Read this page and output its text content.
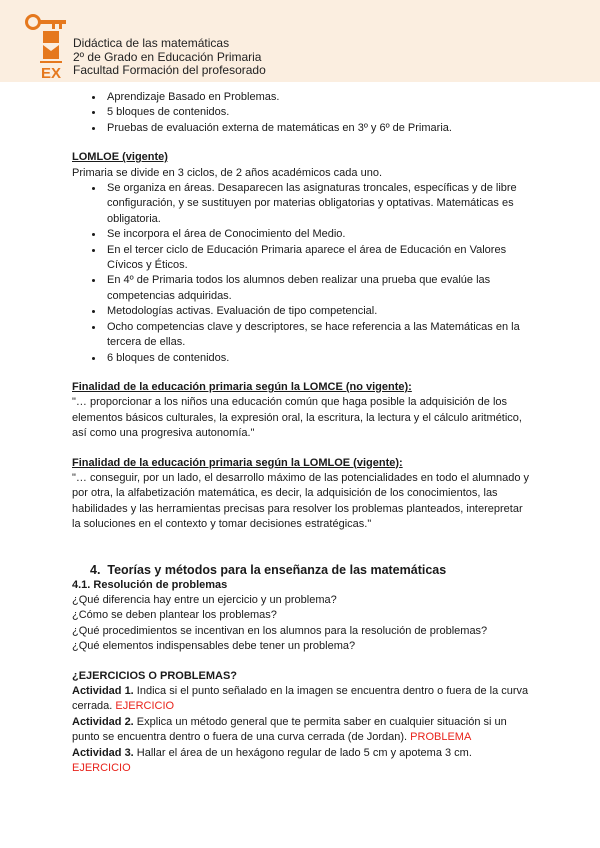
EX
Didáctica de las matemáticas
2º de Grado en Educación Primaria
Facultad Formación del profesorado
• Aprendizaje Basado en Problemas.
• 5 bloques de contenidos.
• Pruebas de evaluación externa de matemáticas en 3º y 6º de Primaria.

LOMLOE (vigente)

Primaria se divide en 3 ciclos, de 2 años académicos cada uno.

• Se organiza en áreas. Desaparecen las asignaturas troncales, específicas y de libre configuración, y se sustituyen por materias obligatorias y optativas. Matemáticas es obligatoria.
• Se incorpora el área de Conocimiento del Medio.
• En el tercer ciclo de Educación Primaria aparece el área de Educación en Valores Cívicos y Éticos.
• En 4º de Primaria todos los alumnos deben realizar una prueba que evalúe las competencias adquiridas.
• Metodologías activas. Evaluación de tipo competencial.
• Ocho competencias clave y descriptores, se hace referencia a las Matemáticas en la tercera de ellas.
• 6 bloques de contenidos.

Finalidad de la educación primaria según la LOMCE (no vigente):

"… proporcionar a los niños una educación común que haga posible la adquisición de los elementos básicos culturales, la expresión oral, la escritura, la lectura y el cálculo aritmético, así como una progresiva autonomía."

Finalidad de la educación primaria según la LOMLOE (vigente):

"… conseguir, por un lado, el desarrollo máximo de las potencialidades en todo el alumnado y por otra, la alfabetización matemática, es decir, la adquisición de los conocimientos, las habilidades y las herramientas precisas para resolver los problemas planteados, interepretar la soluciones en el contexto y tomar decisiones estratégicas."

4. Teorías y métodos para la enseñanza de las matemáticas

4.1. Resolución de problemas

¿Qué diferencia hay entre un ejercicio y un problema?

¿Cómo se deben plantear los problemas?

¿Qué procedimientos se incentivan en los alumnos para la resolución de problemas?

¿Qué elementos indispensables debe tener un problema?

¿EJERCICIOS O PROBLEMAS?

Actividad 1. Indica si el punto señalado en la imagen se encuentra dentro o fuera de la curva cerrada. EJERCICIO

Actividad 2. Explica un método general que te permita saber en cualquier situación si un punto se encuentra dentro o fuera de una curva cerrada (de Jordan). PROBLEMA

Actividad 3. Hallar el área de un hexágono regular de lado 5 cm y apotema 3 cm. EJERCICIO
